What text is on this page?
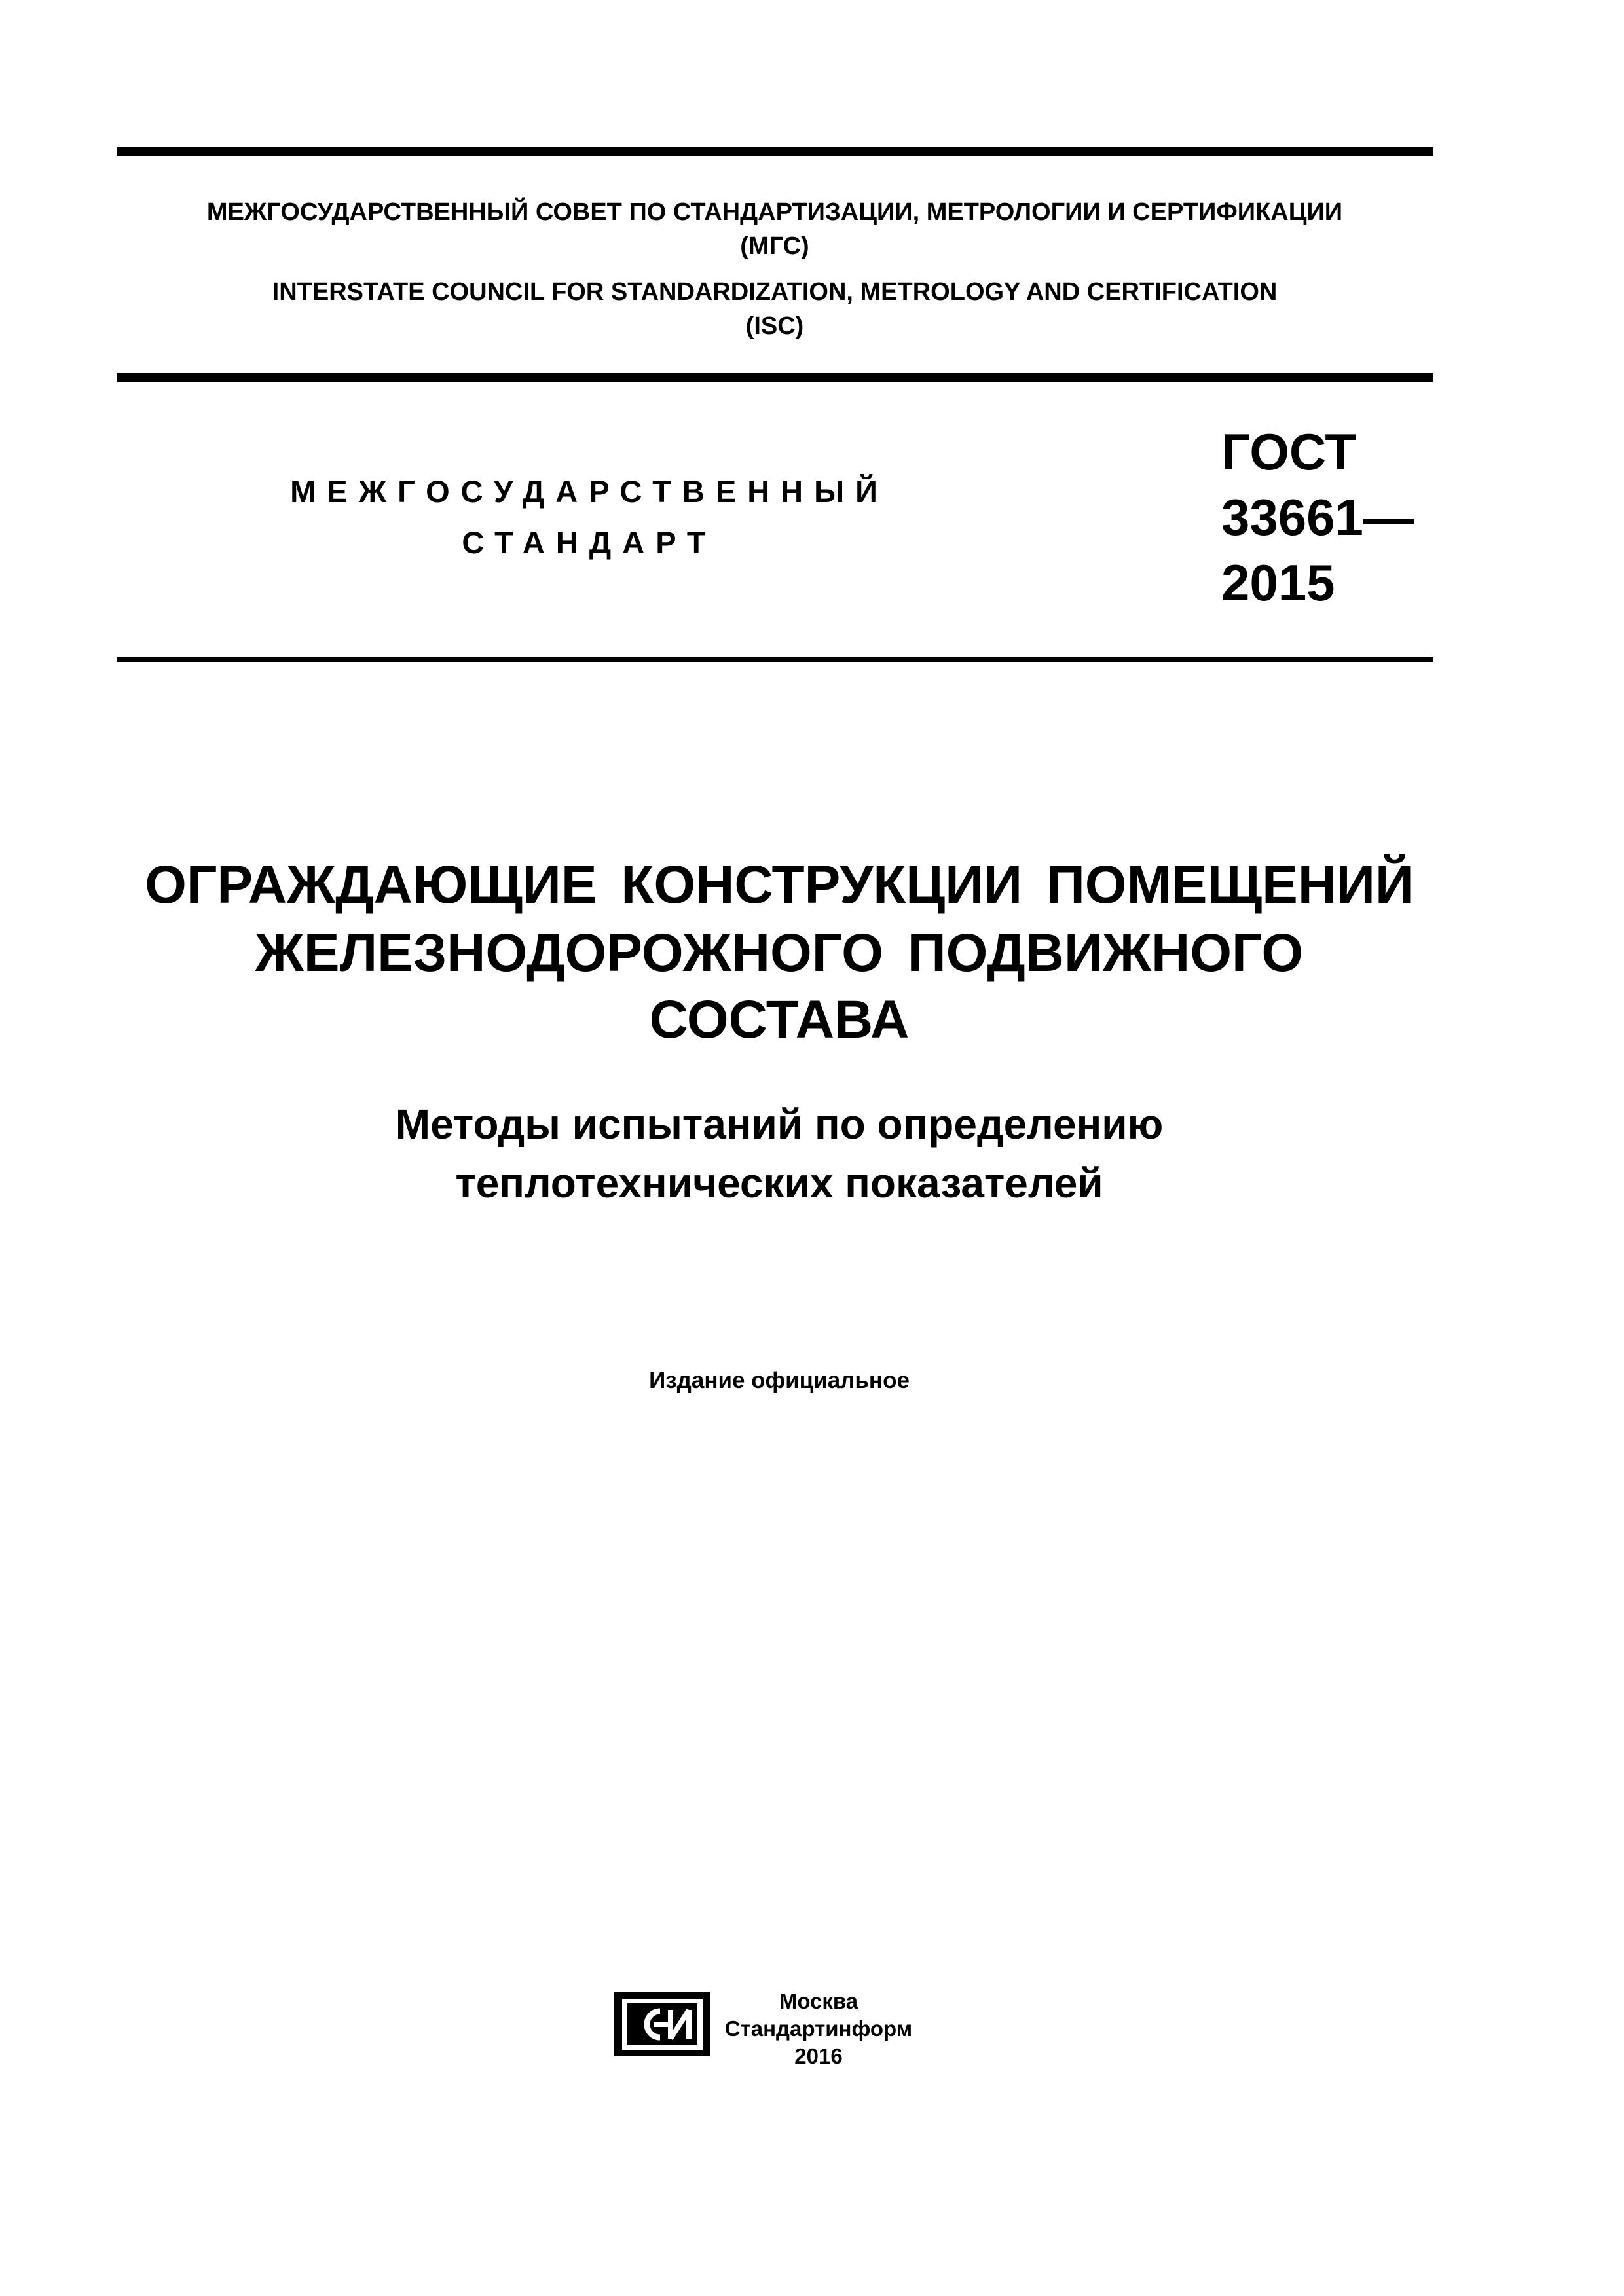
МЕЖГОСУДАРСТВЕННЫЙ СОВЕТ ПО СТАНДАРТИЗАЦИИ, МЕТРОЛОГИИ И СЕРТИФИКАЦИИ
(МГС)
INTERSTATE COUNCIL FOR STANDARDIZATION, METROLOGY AND CERTIFICATION
(ISC)
МЕЖГОСУДАРСТВЕННЫЙ
СТАНДАРТ
ГОСТ
33661—
2015
ОГРАЖДАЮЩИЕ КОНСТРУКЦИИ ПОМЕЩЕНИЙ
ЖЕЛЕЗНОДОРОЖНОГО ПОДВИЖНОГО
СОСТАВА
Методы испытаний по определению
теплотехнических показателей
Издание официальное
Москва
Стандартинформ
2016
